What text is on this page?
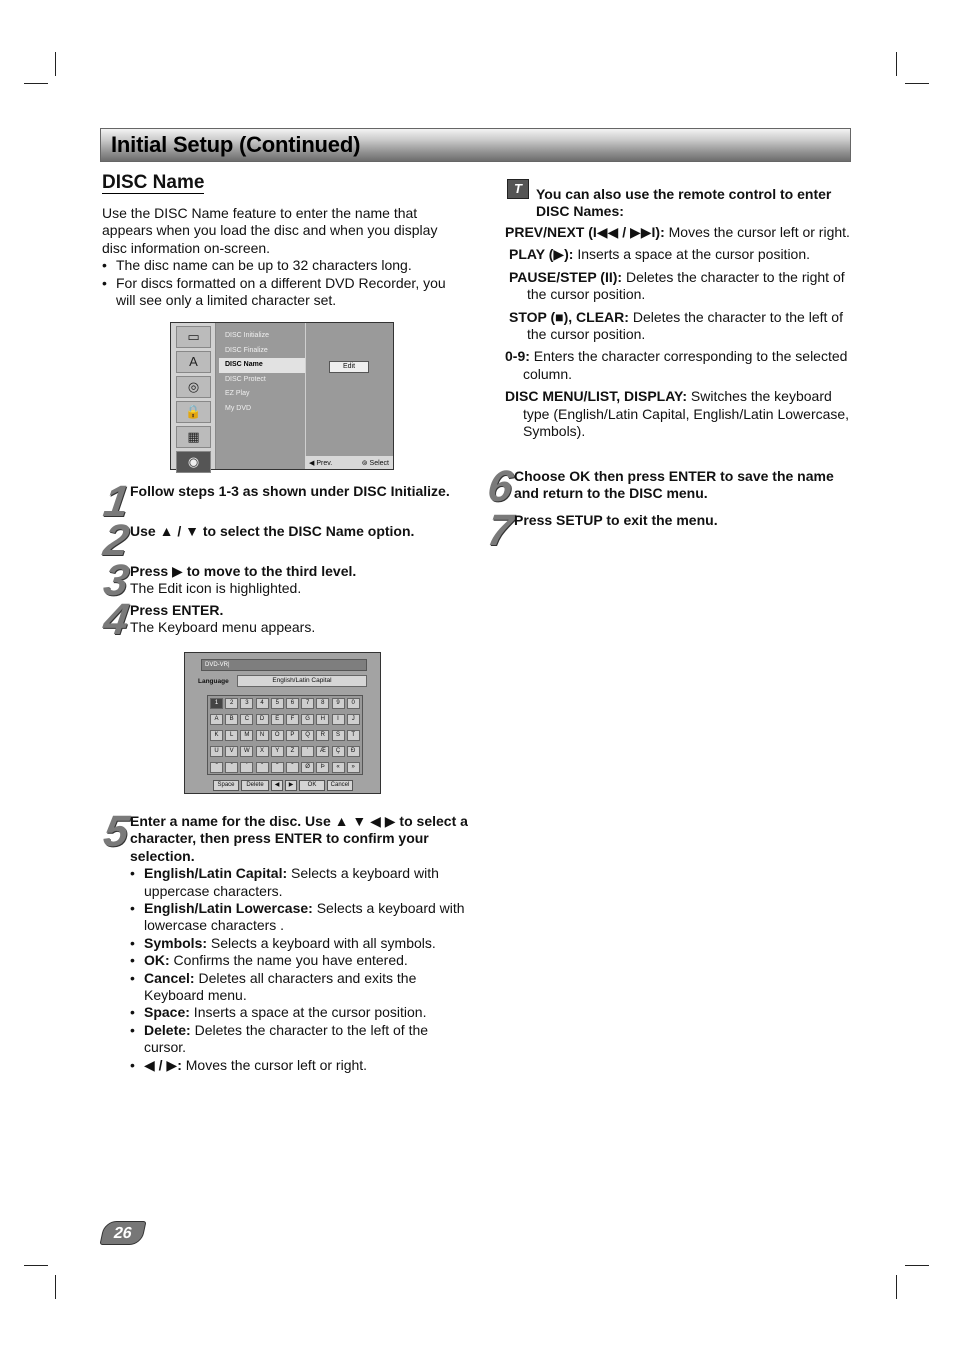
Initial Setup (Continued)
DISC Name
Use the DISC Name feature to enter the name that appears when you load the disc and when you display disc information on-screen.
• The disc name can be up to 32 characters long.
• For discs formatted on a different DVD Recorder, you will see only a limited character set.
▭
A
◎
🔒
▦
◉
DISC Initialize
DISC Finalize
DISC Name
DISC Protect
EZ Play
My DVD
Edit
◀ Prev.	⊚ Select
1
Follow steps 1-3 as shown under DISC Initialize.
2
Use ▲ / ▼ to select the DISC Name option.
3
Press ▶ to move to the third level.
The Edit icon is highlighted.
4
Press ENTER.
The Keyboard menu appears.
DVD-VR|
Language	English/Latin Capital
1	2	3	4	5	6	7	8	9	0
A	B	C	D	E	F	G	H	I	J
K	L	M	N	O	P	Q	R	S	T
U	V	W	X	Y	Z	ʻ	Æ	Ç	Đ
˝	ˆ	`	ˇ	˜	˘	Ø	Þ	«	»
Space	Delete	◀	▶	OK	Cancel
5
Enter a name for the disc. Use ▲ ▼ ◀ ▶ to select a character, then press ENTER to confirm your selection.
• English/Latin Capital: Selects a keyboard with uppercase characters.
• English/Latin Lowercase: Selects a keyboard with lowercase characters .
• Symbols: Selects a keyboard with all symbols.
• OK: Confirms the name you have entered.
• Cancel: Deletes all characters and exits the Keyboard menu.
• Space: Inserts a space at the cursor position.
• Delete: Deletes the character to the left of the cursor.
• ◀ / ▶: Moves the cursor left or right.
T	You can also use the remote control to enter DISC Names:
PREV/NEXT (I◀◀ / ▶▶I): Moves the cursor left or right.
PLAY (▶): Inserts a space at the cursor position.
PAUSE/STEP (II): Deletes the character to the right of the cursor position.
STOP (■), CLEAR: Deletes the character to the left of the cursor position.
0-9: Enters the character corresponding to the selected column.
DISC MENU/LIST, DISPLAY: Switches the keyboard type (English/Latin Capital, English/Latin Lowercase, Symbols).
6
Choose OK then press ENTER to save the name and return to the DISC menu.
7
Press SETUP to exit the menu.
26
